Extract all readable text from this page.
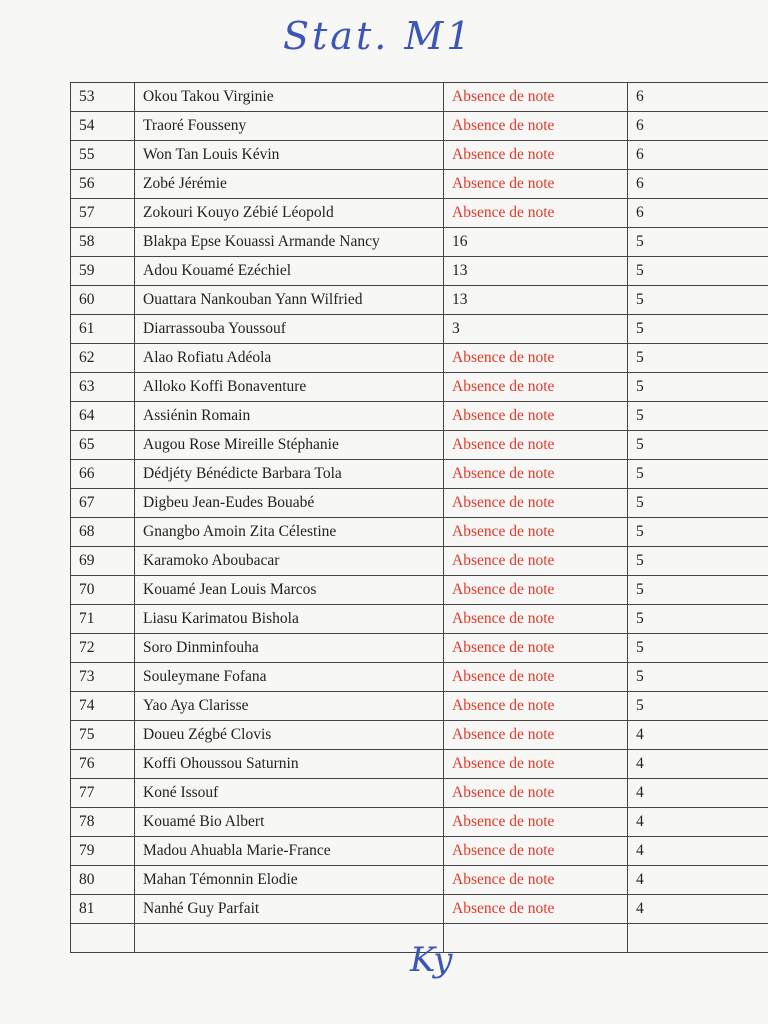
Stat. M1
53	Okou Takou Virginie	Absence de note	6
54	Traoré Fousseny	Absence de note	6
55	Won Tan Louis Kévin	Absence de note	6
56	Zobé Jérémie	Absence de note	6
57	Zokouri Kouyo Zébié Léopold	Absence de note	6
58	Blakpa Epse Kouassi Armande Nancy	16	5
59	Adou Kouamé Ezéchiel	13	5
60	Ouattara Nankouban Yann Wilfried	13	5
61	Diarrassouba Youssouf	3	5
62	Alao Rofiatu Adéola	Absence de note	5
63	Alloko Koffi Bonaventure	Absence de note	5
64	Assiénin Romain	Absence de note	5
65	Augou Rose Mireille Stéphanie	Absence de note	5
66	Dédjéty Bénédicte Barbara Tola	Absence de note	5
67	Digbeu Jean-Eudes Bouabé	Absence de note	5
68	Gnangbo Amoin Zita Célestine	Absence de note	5
69	Karamoko Aboubacar	Absence de note	5
70	Kouamé Jean Louis Marcos	Absence de note	5
71	Liasu Karimatou Bishola	Absence de note	5
72	Soro Dinminfouha	Absence de note	5
73	Souleymane Fofana	Absence de note	5
74	Yao Aya Clarisse	Absence de note	5
75	Doueu Zégbé Clovis	Absence de note	4
76	Koffi Ohoussou Saturnin	Absence de note	4
77	Koné Issouf	Absence de note	4
78	Kouamé Bio Albert	Absence de note	4
79	Madou Ahuabla Marie-France	Absence de note	4
80	Mahan Témonnin Elodie	Absence de note	4
81	Nanhé Guy Parfait	Absence de note	4

Ky
